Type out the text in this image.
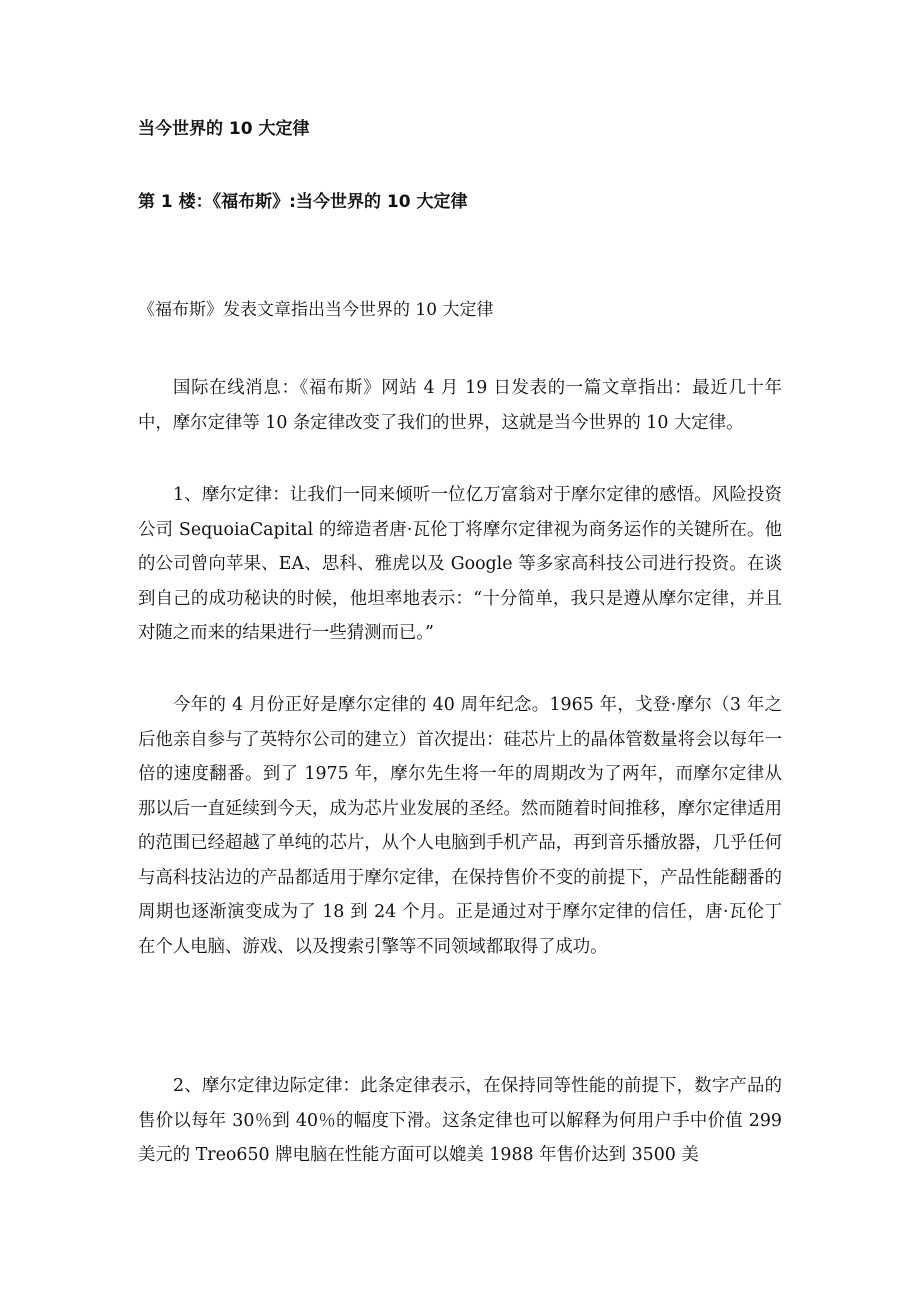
当今世界的 10 大定律
第 1 楼：《福布斯》:当今世界的 10 大定律

《福布斯》发表文章指出当今世界的 10 大定律

国际在线消息：《福布斯》网站 4 月 19 日发表的一篇文章指出：最近几十年中，摩尔定律等 10 条定律改变了我们的世界，这就是当今世界的 10 大定律。

1、摩尔定律：让我们一同来倾听一位亿万富翁对于摩尔定律的感悟。风险投资公司 SequoiaCapital 的缔造者唐·瓦伦丁将摩尔定律视为商务运作的关键所在。他的公司曾向苹果、EA、思科、雅虎以及 Google 等多家高科技公司进行投资。在谈到自己的成功秘诀的时候，他坦率地表示：“十分简单，我只是遵从摩尔定律，并且对随之而来的结果进行一些猜测而已。”

今年的 4 月份正好是摩尔定律的 40 周年纪念。1965 年，戈登·摩尔（3 年之后他亲自参与了英特尔公司的建立）首次提出：硅芯片上的晶体管数量将会以每年一倍的速度翻番。到了 1975 年，摩尔先生将一年的周期改为了两年，而摩尔定律从那以后一直延续到今天，成为芯片业发展的圣经。然而随着时间推移，摩尔定律适用的范围已经超越了单纯的芯片，从个人电脑到手机产品，再到音乐播放器，几乎任何与高科技沾边的产品都适用于摩尔定律，在保持售价不变的前提下，产品性能翻番的周期也逐渐演变成为了 18 到 24 个月。正是通过对于摩尔定律的信任，唐·瓦伦丁在个人电脑、游戏、以及搜索引擎等不同领域都取得了成功。

2、摩尔定律边际定律：此条定律表示，在保持同等性能的前提下，数字产品的售价以每年 30％到 40％的幅度下滑。这条定律也可以解释为何用户手中价值 299 美元的 Treo650 牌电脑在性能方面可以媲美 1988 年售价达到 3500 美
